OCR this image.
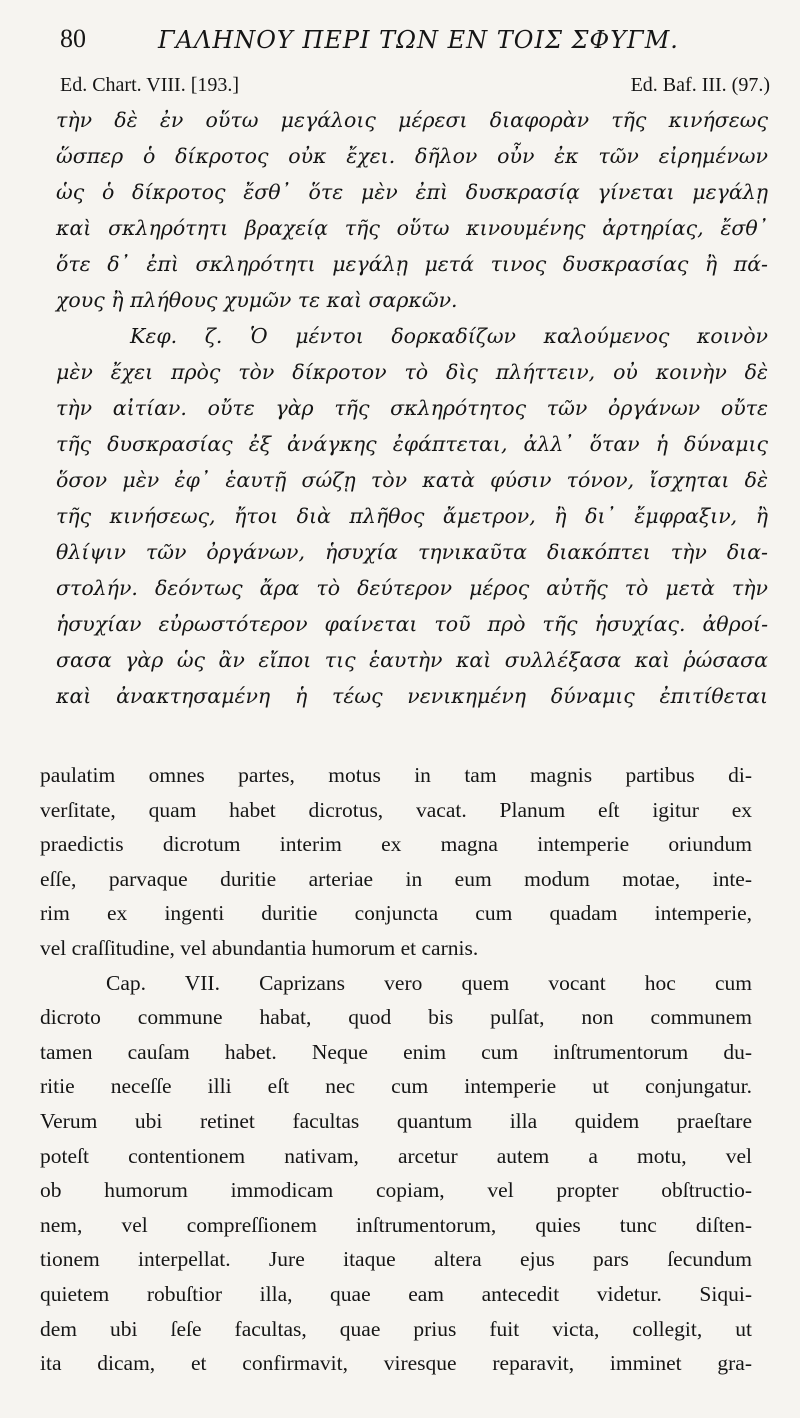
80	ΓΑΛΗΝΟΥ ΠΕΡΙ ΤΩΝ ΕΝ ΤΟΙΣ ΣΦΥΓΜ.
Ed. Chart. VIII. [193.]	Ed. Baf. III. (97.)
τὴν δὲ ἐν οὕτω μεγάλοις μέρεσι διαφορὰν τῆς κινήσεως
ὥσπερ ὁ δίκροτος οὐκ ἔχει. δῆλον οὖν ἐκ τῶν εἰρημένων
ὡς ὁ δίκροτος ἔσθ᾽ ὅτε μὲν ἐπὶ δυσκρασίᾳ γίνεται μεγάλῃ
καὶ σκληρότητι βραχείᾳ τῆς οὕτω κινουμένης ἀρτηρίας, ἔσθ᾽
ὅτε δ᾽ ἐπὶ σκληρότητι μεγάλῃ μετά τινος δυσκρασίας ἢ πά-
χους ἢ πλήθους χυμῶν τε καὶ σαρκῶν.
Κεφ. ζ. Ὁ μέντοι δορκαδίζων καλούμενος κοινὸν
μὲν ἔχει πρὸς τὸν δίκροτον τὸ δὶς πλήττειν, οὐ κοινὴν δὲ
τὴν αἰτίαν. οὔτε γὰρ τῆς σκληρότητος τῶν ὀργάνων οὔτε
τῆς δυσκρασίας ἐξ ἀνάγκης ἐφάπτεται, ἀλλ᾽ ὅταν ἡ δύναμις
ὅσον μὲν ἐφ᾽ ἑαυτῇ σώζῃ τὸν κατὰ φύσιν τόνον, ἴσχηται δὲ
τῆς κινήσεως, ἤτοι διὰ πλῆθος ἄμετρον, ἢ δι᾽ ἔμφραξιν, ἢ
θλίψιν τῶν ὀργάνων, ἡσυχία τηνικαῦτα διακόπτει τὴν δια-
στολήν. δεόντως ἄρα τὸ δεύτερον μέρος αὐτῆς τὸ μετὰ τὴν
ἡσυχίαν εὐρωστότερον φαίνεται τοῦ πρὸ τῆς ἡσυχίας. ἀθροί-
σασα γὰρ ὡς ἂν εἴποι τις ἑαυτὴν καὶ συλλέξασα καὶ ῥώσασα
καὶ ἀνακτησαμένη ἡ τέως νενικημένη δύναμις ἐπιτίθεται
paulatim omnes partes, motus in tam magnis partibus di-
verſitate, quam habet dicrotus, vacat. Planum eſt igitur ex
praedictis dicrotum interim ex magna intemperie oriundum
eſſe, parvaque duritie arteriae in eum modum motae, inte-
rim ex ingenti duritie conjuncta cum quadam intemperie,
vel craſſitudine, vel abundantia humorum et carnis.
Cap. VII. Caprizans vero quem vocant hoc cum
dicroto commune habat, quod bis pulſat, non communem
tamen cauſam habet. Neque enim cum inſtrumentorum du-
ritie neceſſe illi eſt nec cum intemperie ut conjungatur.
Verum ubi retinet facultas quantum illa quidem praeſtare
poteſt contentionem nativam, arcetur autem a motu, vel
ob humorum immodicam copiam, vel propter obſtructio-
nem, vel compreſſionem inſtrumentorum, quies tunc diſten-
tionem interpellat. Jure itaque altera ejus pars ſecundum
quietem robuſtior illa, quae eam antecedit videtur. Siqui-
dem ubi ſeſe facultas, quae prius fuit victa, collegit, ut
ita dicam, et confirmavit, viresque reparavit, imminet gra-
